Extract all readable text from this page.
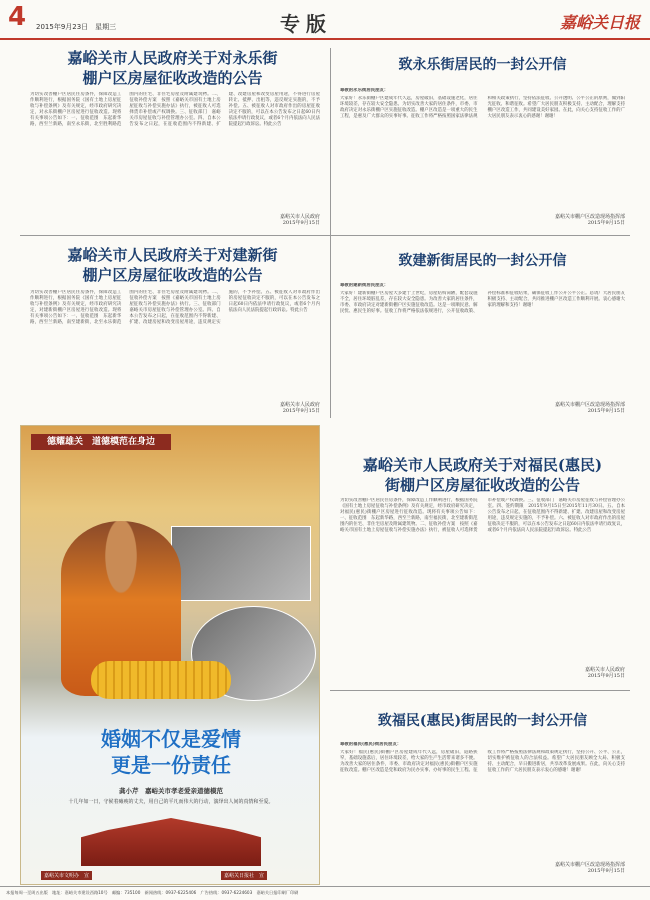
4 2015年9月23日　星期三	专版	嘉峪关日报
嘉峪关市人民政府关于对永乐街
棚户区房屋征收改造的公告
为切实改善棚户区居民住房条件，保障改造工作顺利进行，根据国务院《国有土地上房屋征收与补偿条例》及有关规定，经市政府研究决定，对永乐街棚户区房屋进行征收改造。现将有关事项公告如下：一、征收范围　东起新华路，西至兰新路，南至永乐街，北至胜利路范围内的住宅、非住宅房屋及附属建筑物。二、征收补偿方案　按照《嘉峪关市国有土地上房屋征收与补偿实施办法》执行，被征收人可选择货币补偿或产权调换。三、征收部门　嘉峪关市房屋征收与补偿管理办公室。四、自本公告发布之日起，在征收范围内不得新建、扩建、改建房屋和改变房屋用途，不得进行房屋转让、抵押、出租等，违反规定实施的，不予补偿。五、被征收人对市政府作出的房屋征收决定不服的，可以在本公告发布之日起60日内依法申请行政复议，或者6个月内依法向人民法院提起行政诉讼。特此公告
嘉峪关市人民政府
2015年9月15日
致永乐街居民的一封公开信
尊敬的永乐街居民朋友：
大家好！永乐街棚户区建成年代久远，房屋破旧，基础设施老化，居住环境较差，存在较大安全隐患。为切实改善大家的居住条件，市委、市政府决定对永乐街棚户区实施征收改造。棚户区改造是一项重大的民生工程，是惠及广大群众的实事好事。征收工作将严格按照国家法律法规和相关政策执行，坚持依法征收、公开透明、公平公正的原则，做到阳光征收、和谐征收。希望广大居民朋友积极支持、主动配合，理解支持棚户区改造工作，共同建设美好家园。在此，向关心支持征收工作的广大居民朋友表示衷心的感谢！谢谢！
嘉峪关市棚户区改造现场指挥部
2015年9月15日
嘉峪关市人民政府关于对建新街
棚户区房屋征收改造的公告
为切实改善棚户区居民住房条件，保障改造工作顺利进行，根据国务院《国有土地上房屋征收与补偿条例》及有关规定，经市政府研究决定，对建新街棚户区房屋进行征收改造。现将有关事项公告如下：一、征收范围　东起新华路，西至兰新路，南至建新街，北至永乐街范围内的住宅、非住宅房屋及附属建筑物。二、征收补偿方案　按照《嘉峪关市国有土地上房屋征收与补偿实施办法》执行。三、征收部门　嘉峪关市房屋征收与补偿管理办公室。四、自本公告发布之日起，在征收范围内不得新建、扩建、改建房屋和改变房屋用途，违反规定实施的，不予补偿。五、被征收人对市政府作出的房屋征收决定不服的，可以在本公告发布之日起60日内依法申请行政复议，或者6个月内依法向人民法院提起行政诉讼。特此公告
嘉峪关市人民政府
2015年9月15日
致建新街居民的一封公开信
尊敬的建新街居民朋友：
大家好！建新街棚户区房屋大多建于上世纪，房屋结构简陋，配套设施不全，居住环境脏乱差，存在较大安全隐患。为改善大家的居住条件，市委、市政府决定对建新街棚户区实施征收改造。这是一项顺民意、解民忧、惠民生的好事。征收工作将严格依法依规进行，公开征收政策、补偿标准和征收结果，确保征收工作公开公平公正。恳请广大居民朋友积极支持、主动配合，共同推进棚户区改造工作顺利开展。衷心感谢大家的理解和支持！谢谢！
嘉峪关市棚户区改造现场指挥部
2015年9月15日
德耀雄关　道德模范在身边
婚姻不仅是爱情
更是一份责任
龚小芹　嘉峪关市孝老爱亲道德模范
十几年如一日，守候着瘫痪的丈夫，用自己的平凡而伟大的行动，演绎出人间的真情和至爱。
嘉峪关市文明办　宣	嘉峪关日报社　宣
嘉峪关市人民政府关于对福民(惠民)
街棚户区房屋征收改造的公告
为切实改善棚户区居民住房条件，保障改造工作顺利进行，根据国务院《国有土地上房屋征收与补偿条例》及有关规定，经市政府研究决定，对福民(惠民)街棚户区房屋进行征收改造。现将有关事项公告如下：一、征收范围　东起新华路，西至兰新路，南至福民街，北至建新街范围内的住宅、非住宅房屋及附属建筑物。二、征收补偿方案　按照《嘉峪关市国有土地上房屋征收与补偿实施办法》执行，被征收人可选择货币补偿或产权调换。三、征收部门　嘉峪关市房屋征收与补偿管理办公室。四、签约期限　2015年9月15日至2015年11月30日。五、自本公告发布之日起，在征收范围内不得新建、扩建、改建房屋和改变房屋用途，违反规定实施的，不予补偿。六、被征收人对市政府作出的房屋征收决定不服的，可以在本公告发布之日起60日内依法申请行政复议，或者6个月内依法向人民法院提起行政诉讼。特此公告
嘉峪关市人民政府
2015年9月15日
致福民(惠民)街居民的一封公开信
尊敬的福民(惠民)街居民朋友：
大家好！福民(惠民)街棚户区房屋建成年代久远，房屋破旧，道路狭窄，基础设施落后，居住环境较差，给大家的生产生活带来诸多不便。为改善大家的居住条件，市委、市政府决定对福民(惠民)街棚户区实施征收改造。棚户区改造是党和政府为民办实事、办好事的民生工程。征收工作将严格按照法律法规和政策规定执行，坚持公开、公平、公正，切实维护被征收人的合法权益。希望广大居民朋友顾全大局、积极支持、主动配合，早日搬进新居，共享改革发展成果。在此，向关心支持征收工作的广大居民朋友表示衷心的感谢！谢谢！
嘉峪关市棚户区改造现场指挥部
2015年9月15日
本报每周一至周五出版　地址：嘉峪关市建设西路10号　邮编：735100　新闻热线：0937-6225406　广告热线：0937-6224603　嘉峪关日报印刷厂印刷
